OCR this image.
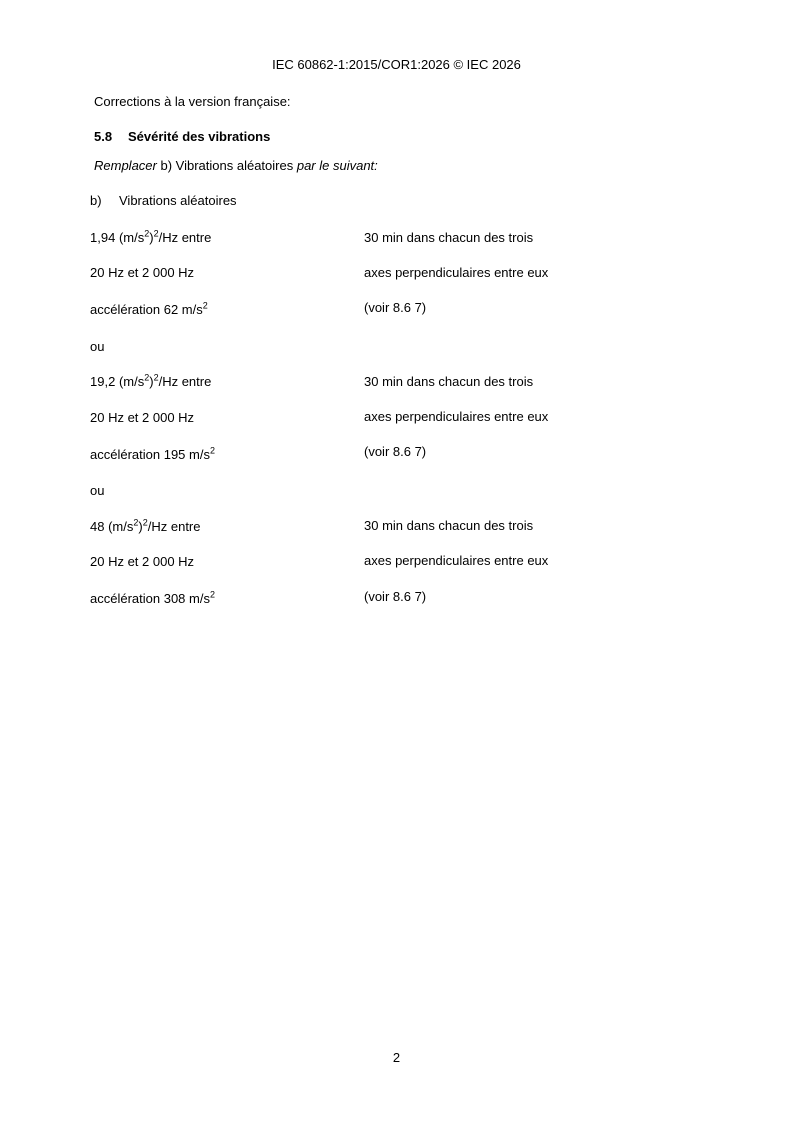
IEC 60862-1:2015/COR1:2026 © IEC 2026
Corrections à la version française:
5.8 Sévérité des vibrations
Remplacer b) Vibrations aléatoires par le suivant:
b) Vibrations aléatoires
1,94 $(m/s^2)^2/Hz$ entre	30 min dans chacun des trois
20 Hz et 2 000 Hz	axes perpendiculaires entre eux
accélération 62 $m/s^2$	(voir 8.6 7)
ou
19,2 $(m/s^2)^2/Hz$ entre	30 min dans chacun des trois
20 Hz et 2 000 Hz	axes perpendiculaires entre eux
accélération 195 $m/s^2$	(voir 8.6 7)
ou
48 $(m/s^2)^2/Hz$ entre	30 min dans chacun des trois
20 Hz et 2 000 Hz	axes perpendiculaires entre eux
accélération 308 $m/s^2$	(voir 8.6 7)
2
